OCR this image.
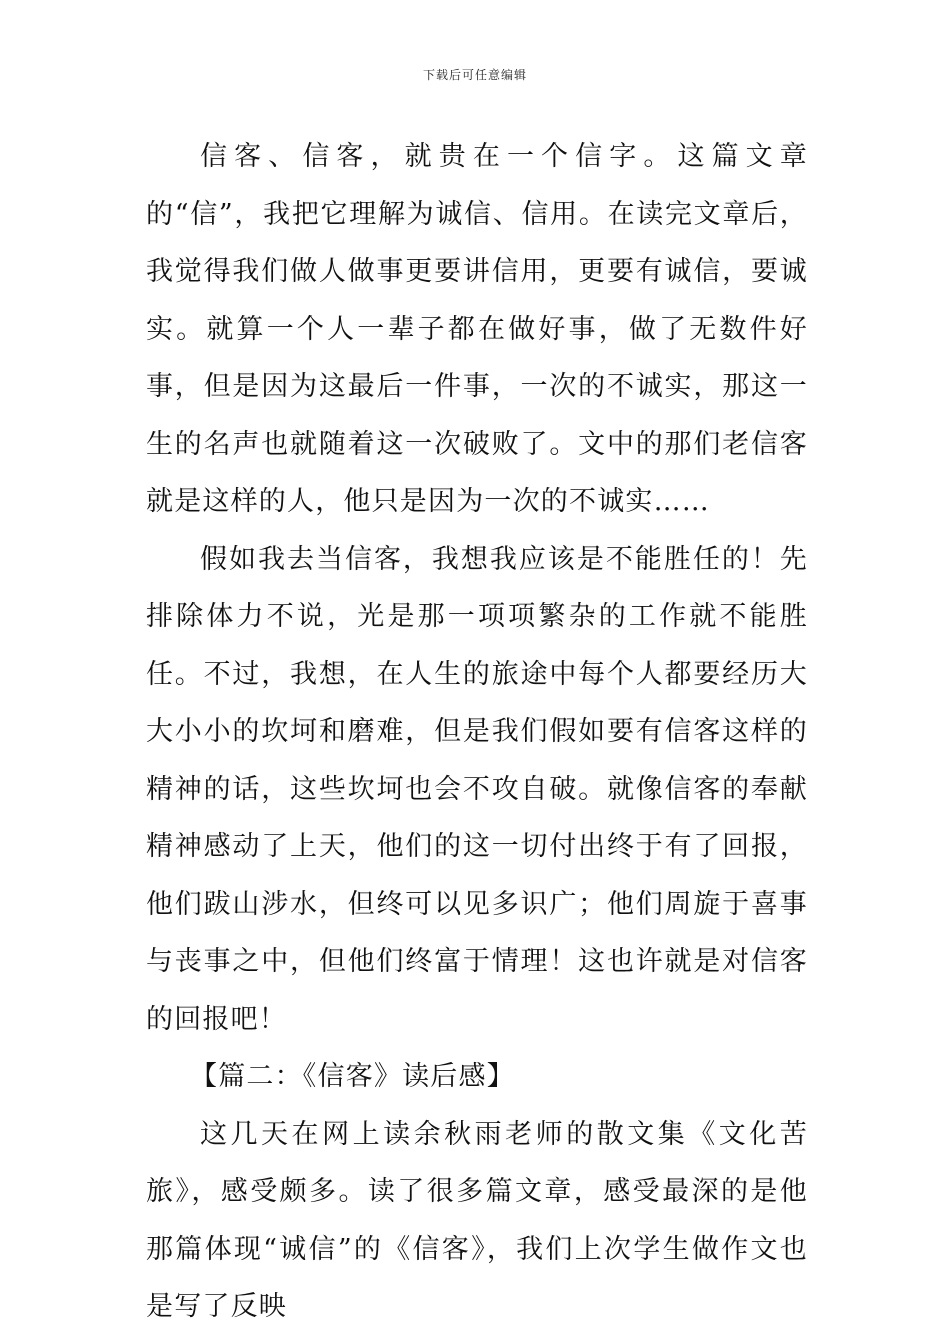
下载后可任意编辑

信客、信客，就贵在一个信字。这篇文章的“信”，我把它理解为诚信、信用。在读完文章后，我觉得我们做人做事更要讲信用，更要有诚信，要诚实。就算一个人一辈子都在做好事，做了无数件好事，但是因为这最后一件事，一次的不诚实，那这一生的名声也就随着这一次破败了。文中的那们老信客就是这样的人，他只是因为一次的不诚实……

假如我去当信客，我想我应该是不能胜任的！先排除体力不说，光是那一项项繁杂的工作就不能胜任。不过，我想，在人生的旅途中每个人都要经历大大小小的坎坷和磨难，但是我们假如要有信客这样的精神的话，这些坎坷也会不攻自破。就像信客的奉献精神感动了上天，他们的这一切付出终于有了回报，他们跋山涉水，但终可以见多识广；他们周旋于喜事与丧事之中，但他们终富于情理！这也许就是对信客的回报吧！

【篇二：《信客》读后感】

这几天在网上读余秋雨老师的散文集《文化苦旅》，感受颇多。读了很多篇文章，感受最深的是他那篇体现“诚信”的《信客》，我们上次学生做作文也是写了反映
